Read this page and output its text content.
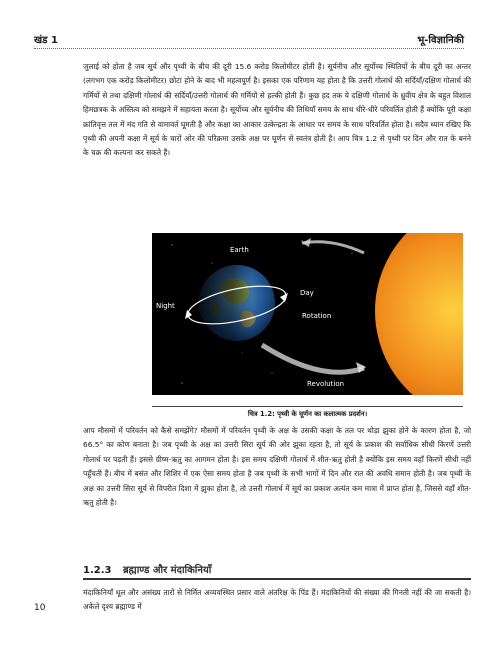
खंड 1	भू-विज्ञानिकी

जुलाई को होता है जब सूर्य और पृथ्वी के बीच की दूरी 15.6 करोड़ किलोमीटर होती है। सूर्यनीच और सूर्योच्च स्थितियों के बीच दूरी का अन्तर (लगभग एक करोड़ किलोमीटर) छोटा होने के बाद भी महत्वपूर्ण है। इसका एक परिणाम यह होता है कि उत्तरी गोलार्ध की सर्दियाँ/दक्षिण गोलार्ध की गर्मियों से तथा दक्षिणी गोलार्ध की सर्दियाँ/उत्तरी गोलार्ध की गर्मियों से हल्की होती हैं। कुछ हद तक ये दक्षिणी गोलार्ध के ध्रुवीय क्षेत्र के बहुत विशाल हिमछत्रक के अस्तित्व को समझने में सहायता करता है। सूर्योच्च और सूर्यनीच की तिथियाँ समय के साथ धीरे-धीरे परिवर्तित होती हैं क्योंकि पूरी कक्षा क्रांतिवृत्त तल में मंद गति से वामावर्त घूमती है और कक्षा का आकार उत्केन्द्रता के आधार पर समय के साथ परिवर्तित होता है। सदैव ध्यान रखिए कि पृथ्वी की अपनी कक्षा में सूर्य के चारों ओर की परिक्रमा उसके अक्ष पर घूर्णन से स्वतंत्र होती है। आप चित्र 1.2 से पृथ्वी पर दिन और रात के बनने के चक्र की कल्पना कर सकते हैं।

Earth
Day
Night
Rotation
Revolution
चित्र 1.2: पृथ्वी के घूर्णन का कलात्मक प्रदर्शन।

आप मौसमों में परिवर्तन को कैसे समझेंगे? मौसमों में परिवर्तन पृथ्वी के अक्ष के उसकी कक्षा के तल पर थोड़ा झुका होने के कारण होता है, जो 66.5° का कोण बनाता है। जब पृथ्वी के अक्ष का उत्तरी सिरा सूर्य की ओर झुका रहता है, तो सूर्य के प्रकाश की सर्वाधिक सीधी किरणें उत्तरी गोलार्ध पर पड़ती हैं। इससे ग्रीष्म-ऋतु का आगमन होता है। इस समय दक्षिणी गोलार्ध में शीत-ऋतु होती है क्योंकि इस समय वहाँ किरणें सीधी नहीं पहुँचती हैं। बीच में बसंत और शिशिर में एक ऐसा समय होता है जब पृथ्वी के सभी भागों में दिन और रात की अवधि समान होती है। जब पृथ्वी के अक्ष का उत्तरी सिरा सूर्य से विपरीत दिशा में झुका होता है, तो उत्तरी गोलार्ध में सूर्य का प्रकाश अत्यंत कम मात्रा में प्राप्त होता है, जिससे वहाँ शीत-ऋतु होती है।

1.2.3 ब्रह्माण्ड और मंदाकिनियाँ

मंदाकिनियाँ धूल और असंख्य तारों से निर्मित अव्यवस्थित प्रसार वाले अंतरिक्ष के पिंड हैं। मंदाकिनियों की संख्या की गिनती नहीं की जा सकती है। अकेले दृश्य ब्रह्माण्ड में

10
